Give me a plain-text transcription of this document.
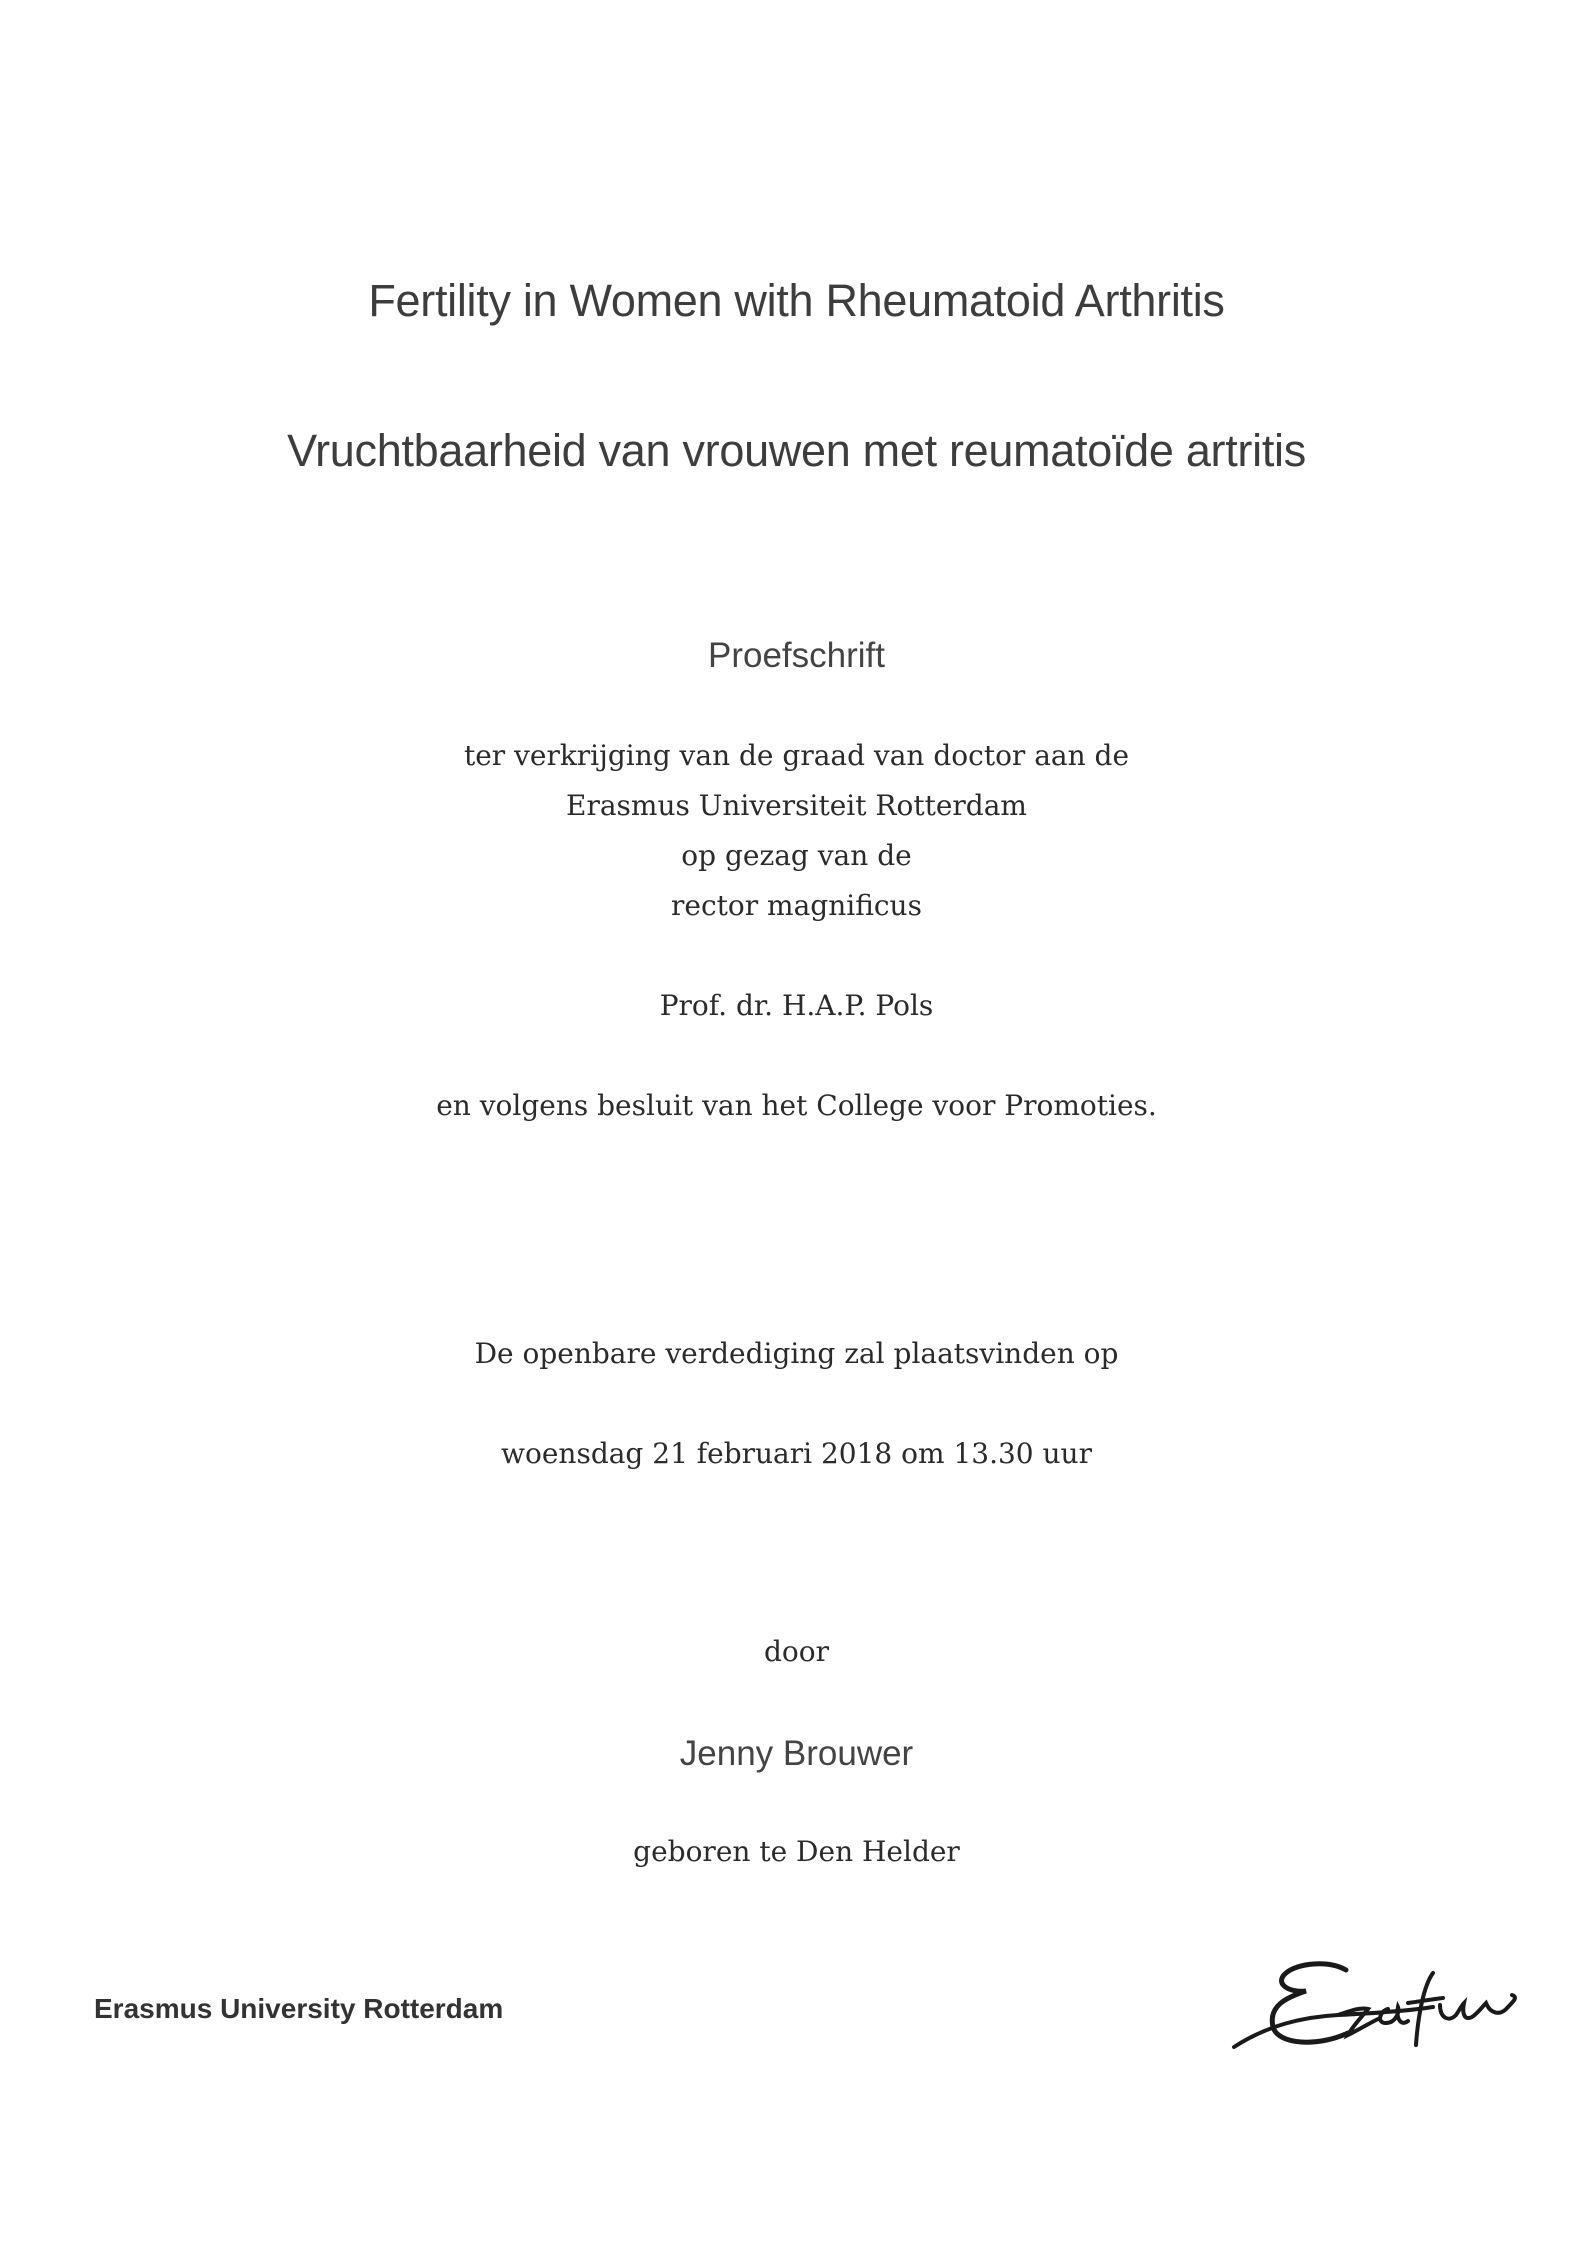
Fertility in Women with Rheumatoid Arthritis
Vruchtbaarheid van vrouwen met reumatoïde artritis
Proefschrift
ter verkrijging van de graad van doctor aan de
Erasmus Universiteit Rotterdam
op gezag van de
rector magnificus
Prof. dr. H.A.P. Pols
en volgens besluit van het College voor Promoties.
De openbare verdediging zal plaatsvinden op
woensdag 21 februari 2018 om 13.30 uur
door
Jenny Brouwer
geboren te Den Helder
Erasmus University Rotterdam
